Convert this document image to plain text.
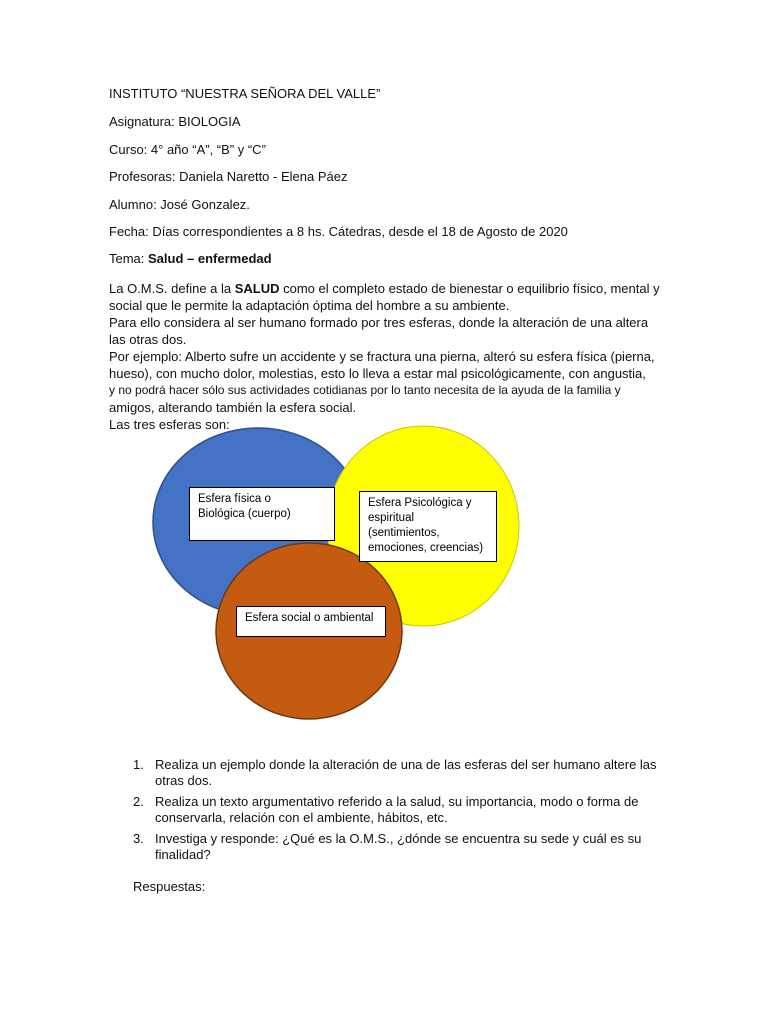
INSTITUTO “NUESTRA SEÑORA DEL VALLE”
Asignatura: BIOLOGIA
Curso: 4° año “A”, “B” y “C”
Profesoras: Daniela Naretto - Elena Páez
Alumno: José Gonzalez.
Fecha: Días correspondientes a 8 hs. Cátedras, desde el 18 de Agosto de 2020
Tema: Salud – enfermedad

La O.M.S. define a la SALUD como el completo estado de bienestar o equilibrio físico, mental y social que le permite la adaptación óptima del hombre a su ambiente.

Para ello considera al ser humano formado por tres esferas, donde la alteración de una altera las otras dos.

Por ejemplo: Alberto sufre un accidente y se fractura una pierna, alteró su esfera física (pierna, hueso), con mucho dolor, molestias, esto lo lleva a estar mal psicológicamente, con angustia,

y no podrá hacer sólo sus actividades cotidianas por lo tanto necesita de la ayuda de la familia y

amigos, alterando también la esfera social.

Las tres esferas son:

Esfera física o
Biológica (cuerpo)
Esfera Psicológica y
espiritual
(sentimientos,
emociones, creencias)
Esfera social o ambiental
1. Realiza un ejemplo donde la alteración de una de las esferas del ser humano altere las otras dos.
2. Realiza un texto argumentativo referido a la salud, su importancia, modo o forma de conservarla, relación con el ambiente, hábitos, etc.
3. Investiga y responde: ¿Qué es la O.M.S., ¿dónde se encuentra su sede y cuál es su finalidad?
Respuestas:
